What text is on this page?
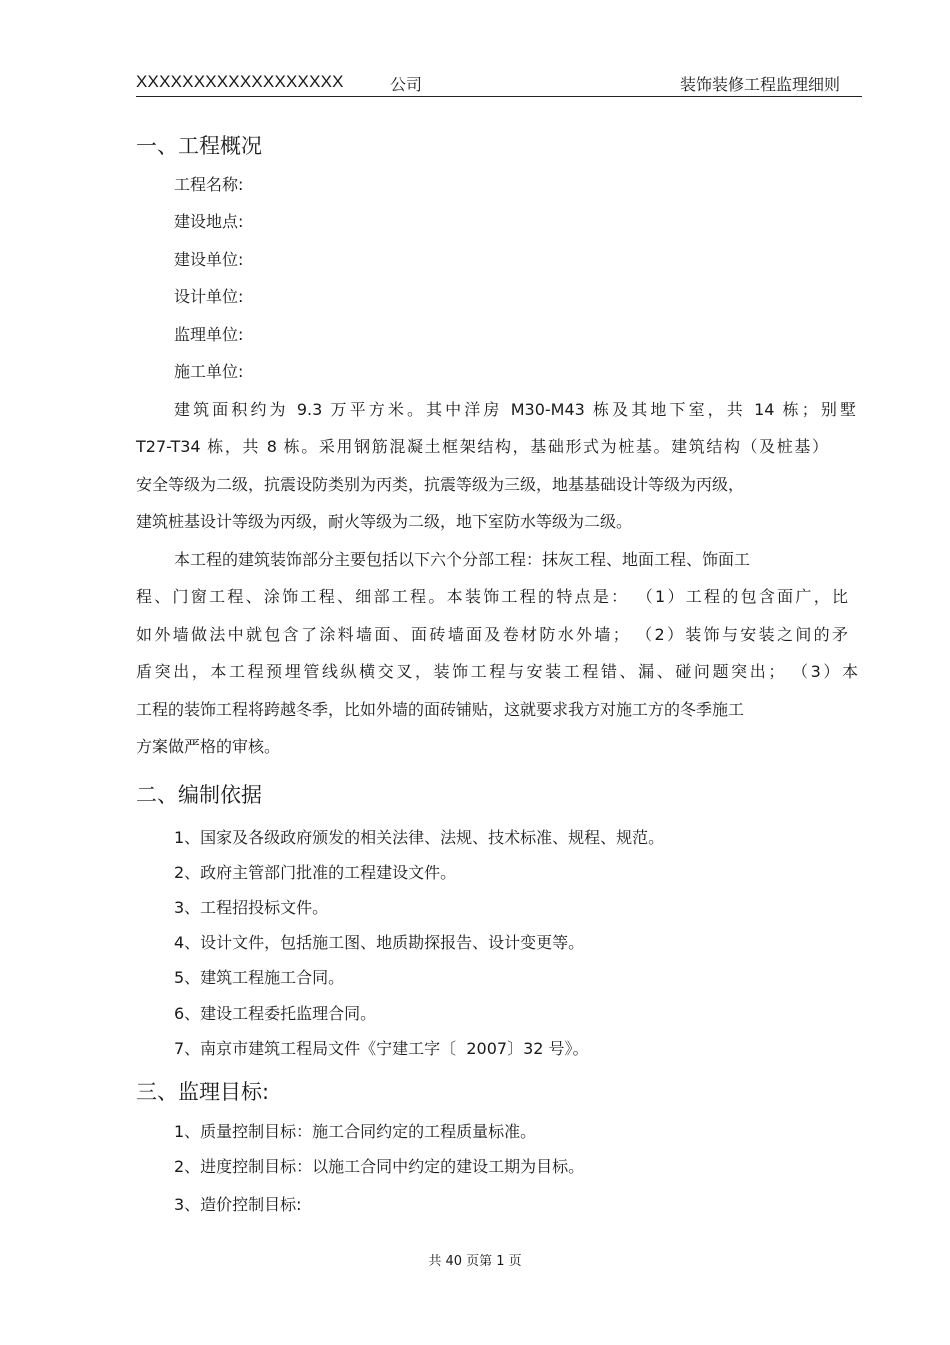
XXXXXXXXXXXXXXXXXX	公司	装饰装修工程监理细则
一、工程概况
工程名称:
建设地点:
建设单位:
设计单位:
监理单位:
施工单位:
建筑面积约为 9.3 万平方米。其中洋房 M30-M43 栋及其地下室，共 14 栋；别墅
T27-T34 栋，共 8 栋。采用钢筋混凝土框架结构，基础形式为桩基。建筑结构（及桩基）
安全等级为二级，抗震设防类别为丙类，抗震等级为三级，地基基础设计等级为丙级，
建筑桩基设计等级为丙级，耐火等级为二级，地下室防水等级为二级。
本工程的建筑装饰部分主要包括以下六个分部工程：抹灰工程、地面工程、饰面工
程、门窗工程、涂饰工程、细部工程。本装饰工程的特点是： （1）工程的包含面广，比
如外墙做法中就包含了涂料墙面、面砖墙面及卷材防水外墙； （2）装饰与安装之间的矛
盾突出，本工程预埋管线纵横交叉，装饰工程与安装工程错、漏、碰问题突出； （3）本
工程的装饰工程将跨越冬季，比如外墙的面砖铺贴，这就要求我方对施工方的冬季施工
方案做严格的审核。
二、编制依据
1、国家及各级政府颁发的相关法律、法规、技术标准、规程、规范。
2、政府主管部门批准的工程建设文件。
3、工程招投标文件。
4、设计文件，包括施工图、地质勘探报告、设计变更等。
5、建筑工程施工合同。
6、建设工程委托监理合同。
7、南京市建筑工程局文件《宁建工字〔  2007〕32 号》。
三、监理目标:
1、质量控制目标：施工合同约定的工程质量标准。
2、进度控制目标：以施工合同中约定的建设工期为目标。
3、造价控制目标:
共 40 页第 1 页
